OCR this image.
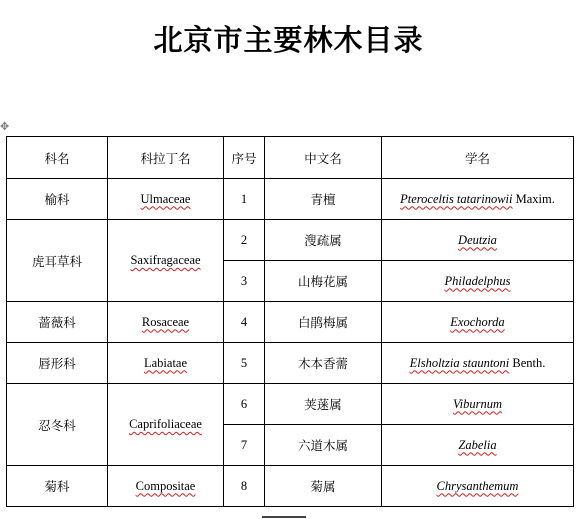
北京市主要林木目录
✥
科名	科拉丁名	序号	中文名	学名
榆科	Ulmaceae	1	青檀	Pteroceltis tatarinowii Maxim.
虎耳草科	Saxifragaceae	2	溲疏属	Deutzia
		3	山梅花属	Philadelphus
蔷薇科	Rosaceae	4	白鹃梅属	Exochorda
唇形科	Labiatae	5	木本香薷	Elsholtzia stauntoni Benth.
忍冬科	Caprifoliaceae	6	荚蒾属	Viburnum
		7	六道木属	Zabelia
菊科	Compositae	8	菊属	Chrysanthemum
